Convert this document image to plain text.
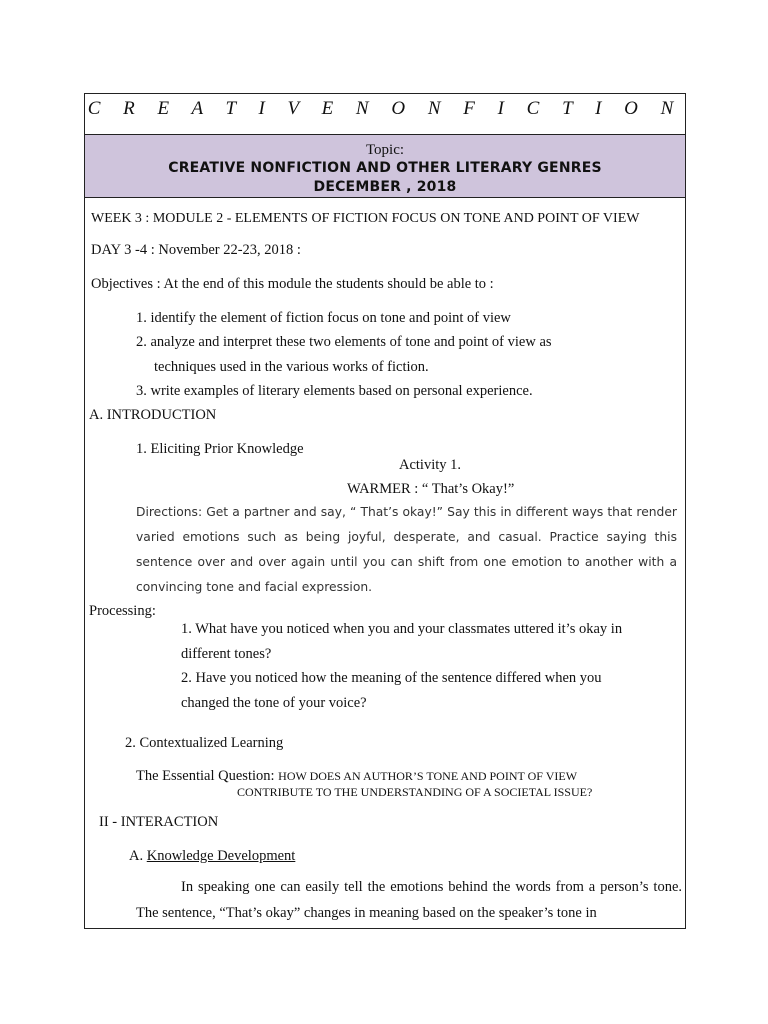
C R E A T I V E N O N F I C T I O N
Topic:
CREATIVE NONFICTION AND OTHER LITERARY GENRES
DECEMBER , 2018
WEEK 3 : MODULE 2 - ELEMENTS OF FICTION FOCUS ON TONE AND POINT OF VIEW
DAY 3 -4 : November 22-23, 2018 :
Objectives : At the end of this module the students should be able to :
1. identify the element of fiction focus on tone and point of view
2. analyze and interpret these two elements of tone and point of view as
techniques used in the various works of fiction.
3. write examples of literary elements based on personal experience.
A. INTRODUCTION
1. Eliciting Prior Knowledge
Activity 1.
WARMER : “ That’s Okay!”
Directions: Get a partner and say, “ That’s okay!” Say this in different ways that render varied emotions such as being joyful, desperate, and casual. Practice saying this sentence over and over again until you can shift from one emotion to another with a convincing tone and facial expression.
Processing:
1. What have you noticed when you and your classmates uttered it’s okay in
different tones?
2. Have you noticed how the meaning of the sentence differed when you
changed the tone of your voice?
2. Contextualized Learning
The Essential Question: HOW DOES AN AUTHOR’S TONE AND POINT OF VIEW
CONTRIBUTE TO THE UNDERSTANDING OF A SOCIETAL ISSUE?
II - INTERACTION
A. Knowledge Development
In speaking one can easily tell the emotions behind the words from a person’s tone. The sentence, “That’s okay” changes in meaning based on the speaker’s tone in
